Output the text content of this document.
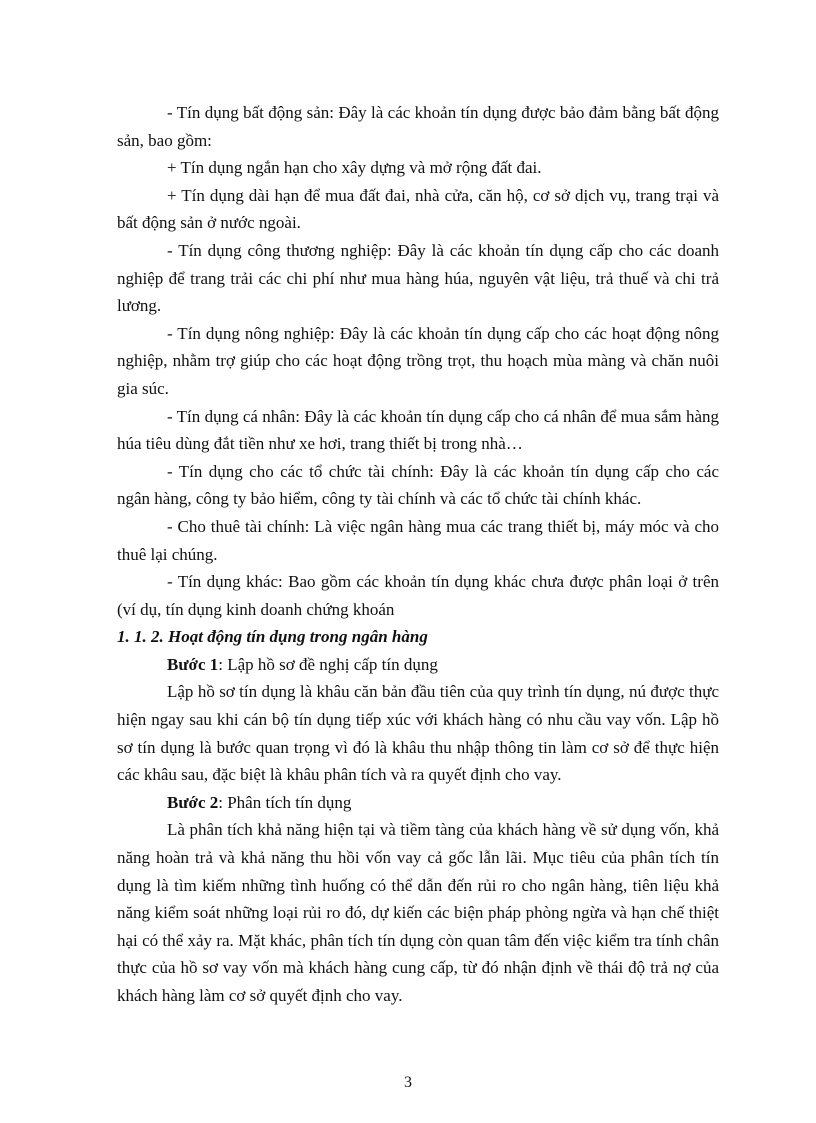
- Tín dụng bất động sản: Đây là các khoản tín dụng được bảo đảm bằng bất động sản, bao gồm:

+ Tín dụng ngắn hạn cho xây dựng và mở rộng đất đai.

+ Tín dụng dài hạn để mua đất đai, nhà cửa, căn hộ, cơ sở dịch vụ, trang trại và bất động sản ở nước ngoài.

- Tín dụng công thương nghiệp: Đây là các khoản tín dụng cấp cho các doanh nghiệp để trang trải các chi phí như mua hàng húa, nguyên vật liệu, trả thuế và chi trả lương.

- Tín dụng nông nghiệp: Đây là các khoản tín dụng cấp cho các hoạt động nông nghiệp, nhằm trợ giúp cho các hoạt động trồng trọt, thu hoạch mùa màng và chăn nuôi gia súc.

- Tín dụng cá nhân: Đây là các khoản tín dụng cấp cho cá nhân để mua sắm hàng húa tiêu dùng đắt tiền như xe hơi, trang thiết bị trong nhà…

- Tín dụng cho các tổ chức tài chính: Đây là các khoản tín dụng cấp cho các ngân hàng, công ty bảo hiểm, công ty tài chính và các tổ chức tài chính khác.

- Cho thuê tài chính: Là việc ngân hàng mua các trang thiết bị, máy móc và cho thuê lại chúng.

- Tín dụng khác: Bao gồm các khoản tín dụng khác chưa được phân loại ở trên (ví dụ, tín dụng kinh doanh chứng khoán

1. 1. 2. Hoạt động tín dụng trong ngân hàng

Bước 1: Lập hồ sơ đề nghị cấp tín dụng

Lập hồ sơ tín dụng là khâu căn bản đầu tiên của quy trình tín dụng, nú được thực hiện ngay sau khi cán bộ tín dụng tiếp xúc với khách hàng có nhu cầu vay vốn. Lập hồ sơ tín dụng là bước quan trọng vì đó là khâu thu nhập thông tin làm cơ sở để thực hiện các khâu sau, đặc biệt là khâu phân tích và ra quyết định cho vay.

Bước 2: Phân tích tín dụng

Là phân tích khả năng hiện tại và tiềm tàng của khách hàng về sử dụng vốn, khả năng hoàn trả và khả năng thu hồi vốn vay cả gốc lẫn lãi. Mục tiêu của phân tích tín dụng là tìm kiếm những tình huống có thể dẫn đến rủi ro cho ngân hàng, tiên liệu khả năng kiểm soát những loại rủi ro đó, dự kiến các biện pháp phòng ngừa và hạn chế thiệt hại có thể xảy ra. Mặt khác, phân tích tín dụng còn quan tâm đến việc kiểm tra tính chân thực của hồ sơ vay vốn mà khách hàng cung cấp, từ đó nhận định về thái độ trả nợ của khách hàng làm cơ sở quyết định cho vay.

3
